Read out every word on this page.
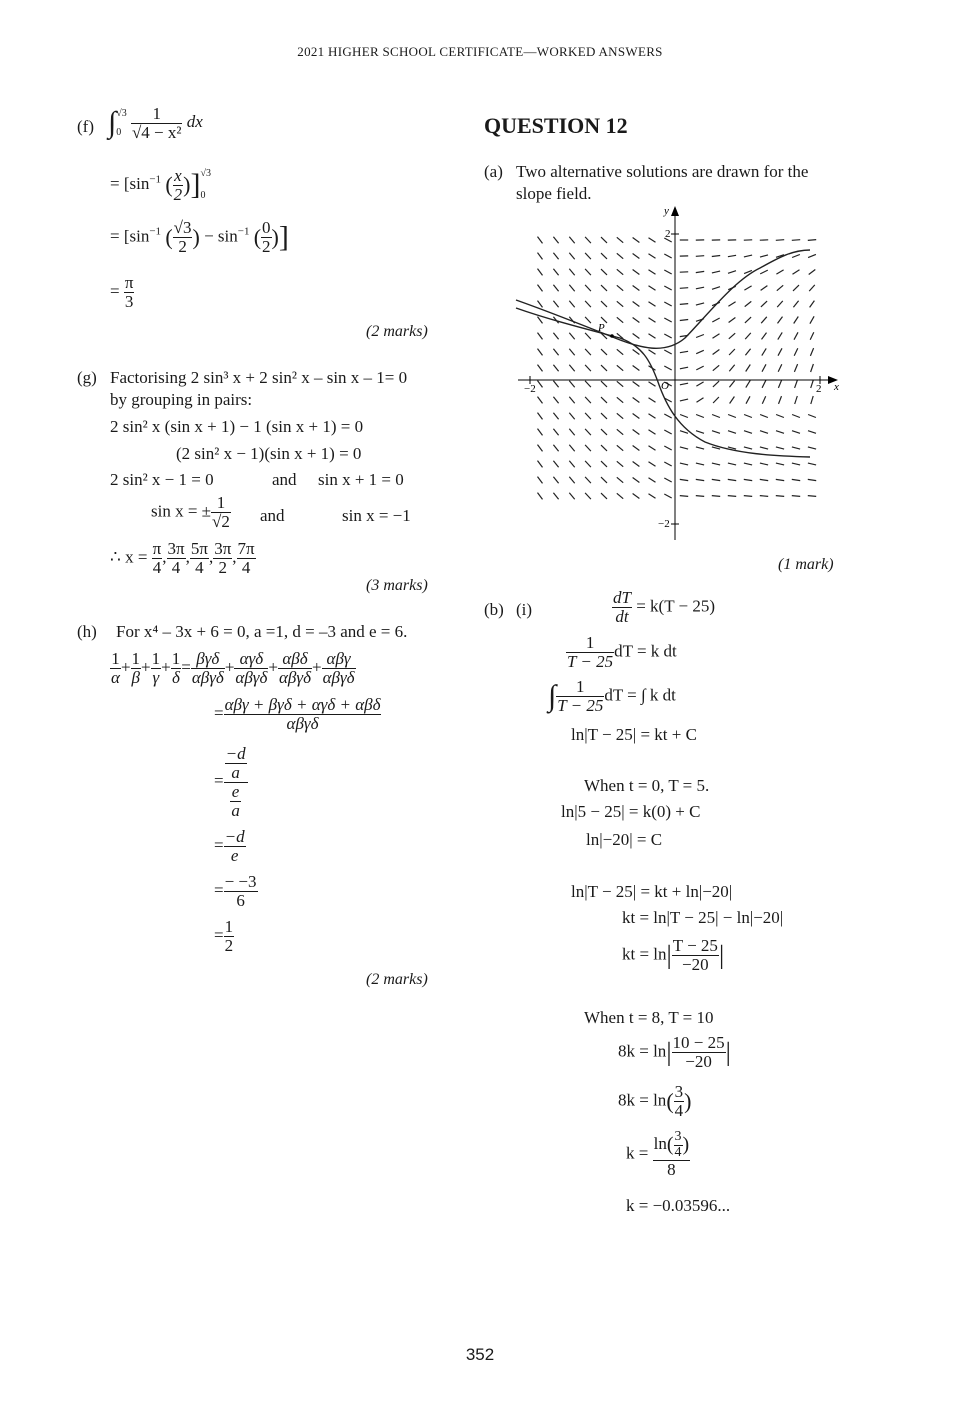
2021 HIGHER SCHOOL CERTIFICATE—WORKED ANSWERS
(f) ∫ √3
0
$\frac{1}{\text{√4 − x²}}$ dx
= [$\sin^{-1}$ ( $\frac{x}{2}$ )] √3
0
= [$\sin^{-1}$ ( $\frac{√3}{2}$ ) − $\sin^{-1}$ ( $\frac{0}{2}$ )]
= $\frac{\pi}{3}$
(2 marks)
(g) Factorising 2 sin³ x + 2 sin² x – sin x – 1= 0
by grouping in pairs:
2 sin² x (sin x + 1) − 1 (sin x + 1) = 0
(2 sin² x − 1)(sin x + 1) = 0
2 sin² x − 1 = 0	and sin x + 1 = 0
sin x = ± $\frac{1}{√2}$ and	sin x = −1
∴ $x = \frac{\pi}{4}$ , $\frac{3\pi}{4}$ , $\frac{5\pi}{4}$ , $\frac{3\pi}{2}$ , $\frac{7\pi}{4}$
(3 marks)
(h) For x⁴ – 3x + 6 = 0, a =1, d = –3 and e = 6.
$\frac{1}{\alpha} + \frac{1}{\beta} + \frac{1}{\gamma} + \frac{1}{\delta} = \frac{\text{βγδ}}{\text{αβγδ}} + \frac{\text{αγδ}}{\text{αβγδ}} + \frac{\text{αβδ}}{\text{αβγδ}} + \frac{\text{αβγ}}{\text{αβγδ}}$
= $\frac{\text{αβγ + βγδ + αγδ + αβδ}}{\text{αβγδ}}$
= $\frac{\frac{-d}{a}}{\frac{e}{a}}$
= $\frac{-d}{e}$
= $\frac{- -3}{6}$
= $\frac{1}{2}$
(2 marks)
QUESTION 12
(a) Two alternative solutions are drawn for the
slope field.
−2	2
2
−2
x
y
O
P
(1 mark)
(b) (i)	$\frac{dT}{dt} = k(T - 25)$
$\frac{1}{T - 25}$ dT = k dt
∫ $\frac{1}{T - 25}$ dT = ∫ k dt
ln|T − 25| = kt + C
When t = 0, T = 5.
ln|5 − 25| = k(0) + C
ln|−20| = C
ln|T − 25| = kt + ln|−20|
kt = ln|T − 25| − ln|−20|
kt = $\ln| \frac{T - 25}{-20}$ |
When t = 8, T = 10
$8k = \ln| \frac{10 - 25}{-20}$ |
$8k = \ln( \frac{3}{4}$ )
$k = \frac{\ln( \frac{3}{4} )}{8}$
k = −0.03596...
352
